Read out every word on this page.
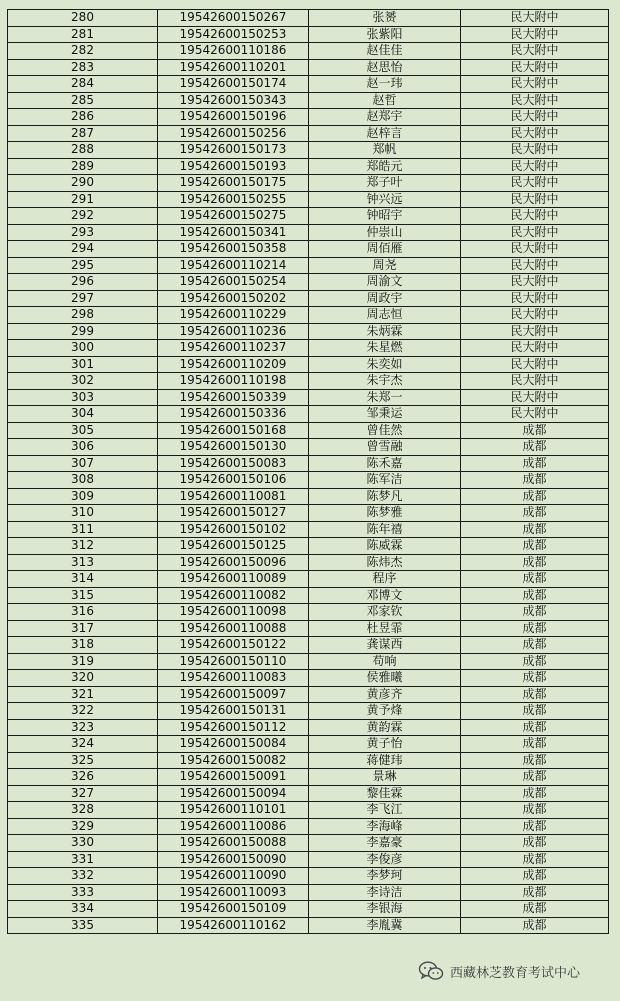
280	19542600150267	张赟	民大附中
281	19542600150253	张紫阳	民大附中
282	19542600110186	赵佳佳	民大附中
283	19542600110201	赵思怡	民大附中
284	19542600150174	赵一玮	民大附中
285	19542600150343	赵哲	民大附中
286	19542600150196	赵郑宇	民大附中
287	19542600150256	赵梓言	民大附中
288	19542600150173	郑帆	民大附中
289	19542600150193	郑皓元	民大附中
290	19542600150175	郑子叶	民大附中
291	19542600150255	钟兴远	民大附中
292	19542600150275	钟昭宇	民大附中
293	19542600150341	仲崇山	民大附中
294	19542600150358	周佰雁	民大附中
295	19542600110214	周尧	民大附中
296	19542600150254	周渝文	民大附中
297	19542600150202	周政宇	民大附中
298	19542600110229	周志恒	民大附中
299	19542600110236	朱炳霖	民大附中
300	19542600110237	朱星燃	民大附中
301	19542600110209	朱奕如	民大附中
302	19542600110198	朱宇杰	民大附中
303	19542600150339	朱郑一	民大附中
304	19542600150336	邹秉运	民大附中
305	19542600150168	曾佳然	成都
306	19542600150130	曾雪融	成都
307	19542600150083	陈禾嘉	成都
308	19542600150106	陈军洁	成都
309	19542600110081	陈梦凡	成都
310	19542600150127	陈梦雅	成都
311	19542600150102	陈年禧	成都
312	19542600150125	陈威霖	成都
313	19542600150096	陈炜杰	成都
314	19542600110089	程序	成都
315	19542600110082	邓博文	成都
316	19542600110098	邓家钦	成都
317	19542600110088	杜昱霏	成都
318	19542600150122	龚谋西	成都
319	19542600150110	苟响	成都
320	19542600110083	侯雅曦	成都
321	19542600150097	黄彦齐	成都
322	19542600150131	黄予烽	成都
323	19542600150112	黄韵霖	成都
324	19542600150084	黄子怡	成都
325	19542600150082	蒋健玮	成都
326	19542600150091	景琳	成都
327	19542600150094	黎佳霖	成都
328	19542600110101	李飞江	成都
329	19542600110086	李海峰	成都
330	19542600150088	李嘉豪	成都
331	19542600150090	李俊彦	成都
332	19542600110090	李梦珂	成都
333	19542600110093	李诗洁	成都
334	19542600150109	李银海	成都
335	19542600110162	李胤冀	成都
西藏林芝教育考试中心
